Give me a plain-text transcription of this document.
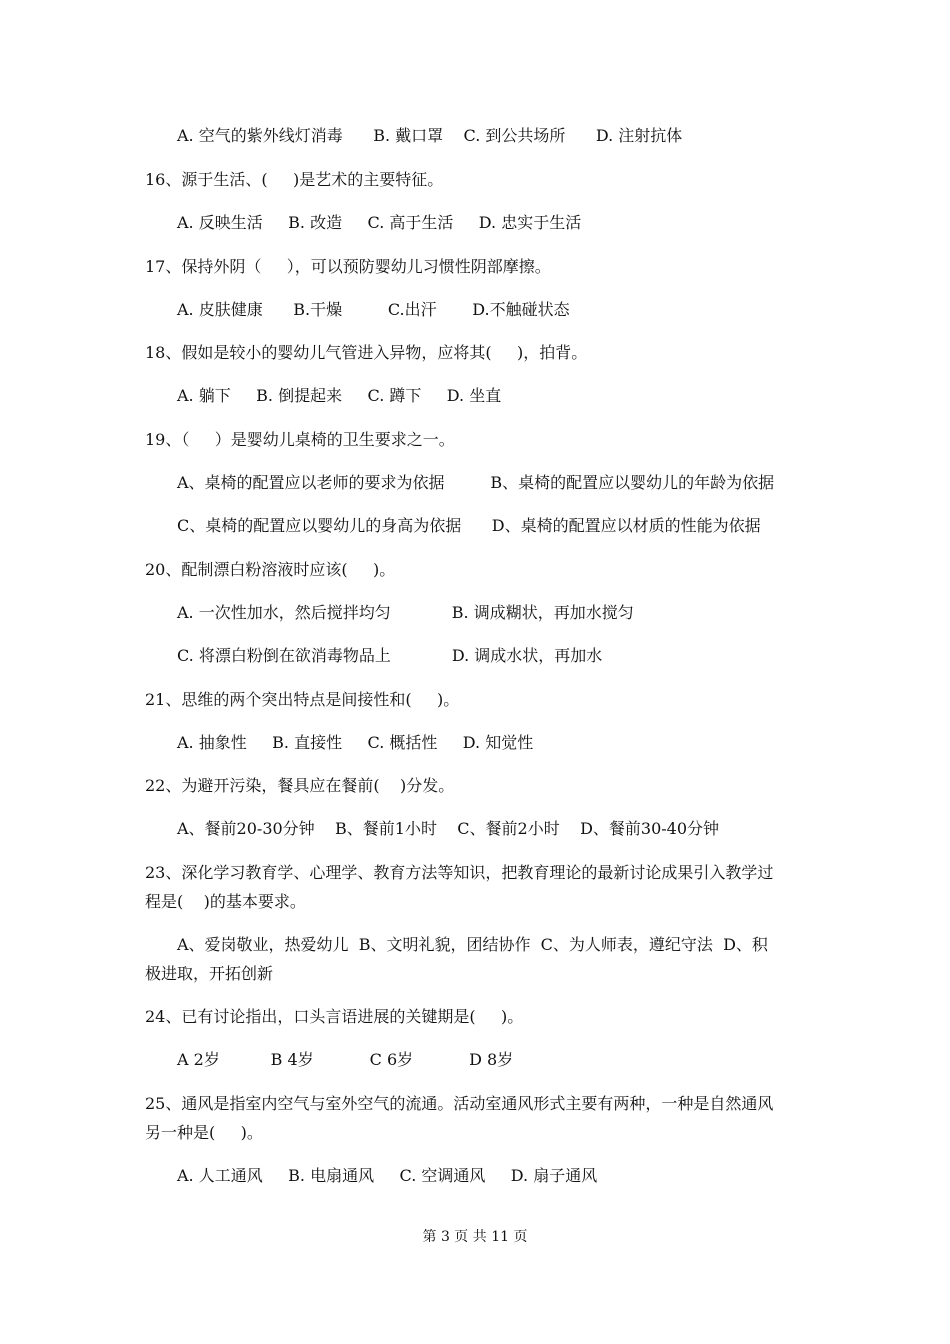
A. 空气的紫外线灯消毒      B. 戴口罩    C. 到公共场所      D. 注射抗体
16、源于生活、(     )是艺术的主要特征。
A. 反映生活     B. 改造     C. 高于生活     D. 忠实于生活
17、保持外阴（     ），可以预防婴幼儿习惯性阴部摩擦。
A. 皮肤健康      B.干燥         C.出汗       D.不触碰状态
18、假如是较小的婴幼儿气管进入异物，应将其(     )，拍背。
A. 躺下     B. 倒提起来     C. 蹲下     D. 坐直
19、（     ）是婴幼儿桌椅的卫生要求之一。
A、桌椅的配置应以老师的要求为依据         B、桌椅的配置应以婴幼儿的年龄为依据
C、桌椅的配置应以婴幼儿的身高为依据      D、桌椅的配置应以材质的性能为依据
20、配制漂白粉溶液时应该(     )。
A. 一次性加水，然后搅拌均匀            B. 调成糊状，再加水搅匀
C. 将漂白粉倒在欲消毒物品上            D. 调成水状，再加水
21、思维的两个突出特点是间接性和(     )。
A. 抽象性     B. 直接性     C. 概括性     D. 知觉性
22、为避开污染，餐具应在餐前(    )分发。
A、餐前20-30分钟    B、餐前1小时    C、餐前2小时    D、餐前30-40分钟
23、深化学习教育学、心理学、教育方法等知识，把教育理论的最新讨论成果引入教学过
程是(    )的基本要求。
A、爱岗敬业，热爱幼儿  B、文明礼貌，团结协作  C、为人师表，遵纪守法  D、积
极进取，开拓创新
24、已有讨论指出，口头言语进展的关键期是(     )。
A 2岁          B 4岁           C 6岁           D 8岁
25、通风是指室内空气与室外空气的流通。活动室通风形式主要有两种，一种是自然通风
另一种是(     )。
A. 人工通风     B. 电扇通风     C. 空调通风     D. 扇子通风
第 3 页 共 11 页
